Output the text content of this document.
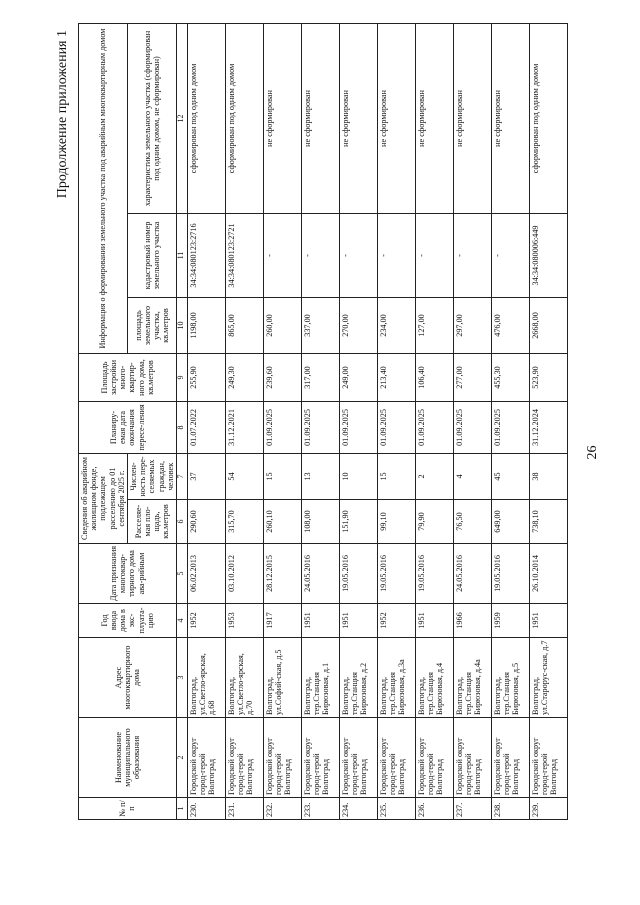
26
Продолжение приложения 1
№ п/п	Наименование муниципального образования	Адрес многоквартирного дома	Год ввода дома в экс-плуата-цию	Дата признания многоквар-тирного дома ава-рийным	Сведения об аварийном жилищном фонде, подлежащем расселению до 01 сентября 2025 г.		Планиру-емая дата окончания пересе-ления	Площадь застройки много-квартир-ного дома, кв.метров	Информация о формировании земельного участка под аварийным многоквартирным домом		
					Расселяе-мая пло-щадь, кв.метров	Числен-ность пере-селяемых граждан, человек			площадь земельного участка, кв.метров	кадастровый номер земельного участка	характеристика земельного участка (сформирован под одним домом, не сформирован)
1	2	3	4	5	6	7	8	9	10	11	12
230.	Городской округ город-герой Волгоград	Волгоград, ул.Светло-ярская, д.68	1952	06.02.2013	290,60	37	01.07.2022	255,90	1198,00	34:34:080123:2716	сформирован под одним домом
231.	Городской округ город-герой Волгоград	Волгоград, ул.Светло-ярская, д.70	1953	03.10.2012	315,70	54	31.12.2021	249,30	865,00	34:34:080123:2721	сформирован под одним домом
232.	Городской округ город-герой Волгоград	Волгоград, ул.Софий-ская, д.5	1917	28.12.2015	260,10	15	01.09.2025	239,60	260,00	-	не сформирован
233.	Городской округ город-герой Волгоград	Волгоград, тер.Станция Бирюзовая, д.1	1951	24.05.2016	108,00	13	01.09.2025	317,00	337,00	-	не сформирован
234.	Городской округ город-герой Волгоград	Волгоград, тер.Станция Бирюзовая, д.2	1951	19.05.2016	151,90	10	01.09.2025	249,00	270,00	-	не сформирован
235.	Городской округ город-герой Волгоград	Волгоград, тер.Станция Бирюзовая, д.3а	1952	19.05.2016	99,10	15	01.09.2025	213,40	234,00	-	не сформирован
236.	Городской округ город-герой Волгоград	Волгоград, тер.Станция Бирюзовая, д.4	1951	19.05.2016	79,90	2	01.09.2025	106,40	127,00	-	не сформирован
237.	Городской округ город-герой Волгоград	Волгоград, тер.Станция Бирюзовая, д.4а	1966	24.05.2016	76,50	4	01.09.2025	277,00	297,00	-	не сформирован
238.	Городской округ город-герой Волгоград	Волгоград, тер.Станция Бирюзовая, д.5	1959	19.05.2016	649,00	45	01.09.2025	455,30	476,00	-	не сформирован
239.	Городской округ город-герой Волгоград	Волгоград, ул.Старорус-ская, д.7	1951	26.10.2014	738,10	38	31.12.2024	523,90	2668,00	34:34:080006:449	сформирован под одним домом
